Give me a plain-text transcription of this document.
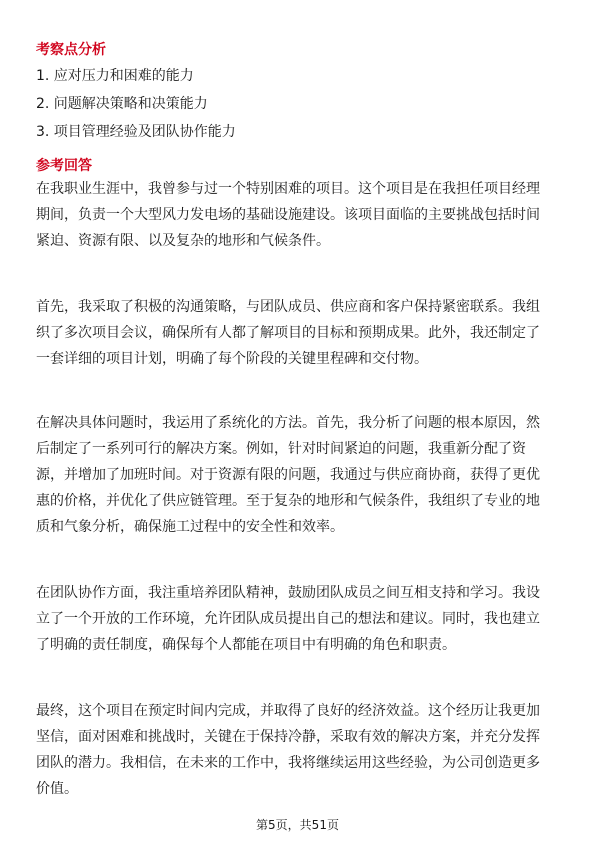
考察点分析

1. 应对压力和困难的能力

2. 问题解决策略和决策能力

3. 项目管理经验及团队协作能力

参考回答
在我职业生涯中，我曾参与过一个特别困难的项目。这个项目是在我担任项目经理
期间，负责一个大型风力发电场的基础设施建设。该项目面临的主要挑战包括时间
紧迫、资源有限、以及复杂的地形和气候条件。
首先，我采取了积极的沟通策略，与团队成员、供应商和客户保持紧密联系。我组
织了多次项目会议，确保所有人都了解项目的目标和预期成果。此外，我还制定了
一套详细的项目计划，明确了每个阶段的关键里程碑和交付物。
在解决具体问题时，我运用了系统化的方法。首先，我分析了问题的根本原因，然
后制定了一系列可行的解决方案。例如，针对时间紧迫的问题，我重新分配了资
源，并增加了加班时间。对于资源有限的问题，我通过与供应商协商，获得了更优
惠的价格，并优化了供应链管理。至于复杂的地形和气候条件，我组织了专业的地
质和气象分析，确保施工过程中的安全性和效率。
在团队协作方面，我注重培养团队精神，鼓励团队成员之间互相支持和学习。我设
立了一个开放的工作环境，允许团队成员提出自己的想法和建议。同时，我也建立
了明确的责任制度，确保每个人都能在项目中有明确的角色和职责。
最终，这个项目在预定时间内完成，并取得了良好的经济效益。这个经历让我更加
坚信，面对困难和挑战时，关键在于保持冷静，采取有效的解决方案，并充分发挥
团队的潜力。我相信，在未来的工作中，我将继续运用这些经验，为公司创造更多
价值。

第5页，共51页
